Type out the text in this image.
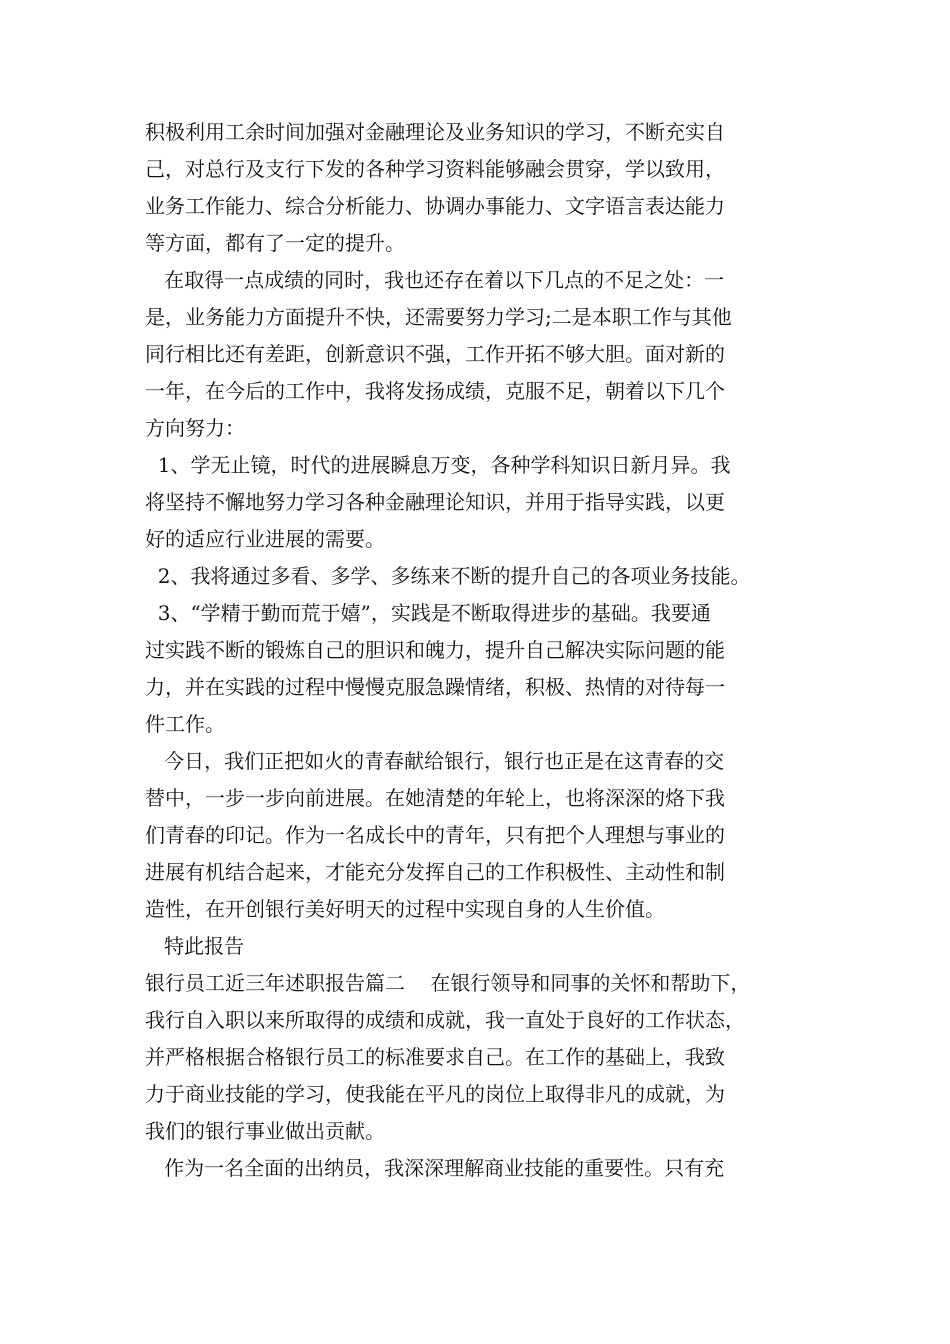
积极利用工余时间加强对金融理论及业务知识的学习，不断充实自
己，对总行及支行下发的各种学习资料能够融会贯穿，学以致用，
业务工作能力、综合分析能力、协调办事能力、文字语言表达能力
等方面，都有了一定的提升。
在取得一点成绩的同时，我也还存在着以下几点的不足之处：一
是，业务能力方面提升不快，还需要努力学习;二是本职工作与其他
同行相比还有差距，创新意识不强，工作开拓不够大胆。面对新的
一年，在今后的工作中，我将发扬成绩，克服不足，朝着以下几个
方向努力：
1、学无止镜，时代的进展瞬息万变，各种学科知识日新月异。我
将坚持不懈地努力学习各种金融理论知识，并用于指导实践，以更
好的适应行业进展的需要。
2、我将通过多看、多学、多练来不断的提升自己的各项业务技能。
3、“学精于勤而荒于嬉”，实践是不断取得进步的基础。我要通
过实践不断的锻炼自己的胆识和魄力，提升自己解决实际问题的能
力，并在实践的过程中慢慢克服急躁情绪，积极、热情的对待每一
件工作。
今日，我们正把如火的青春献给银行，银行也正是在这青春的交
替中，一步一步向前进展。在她清楚的年轮上，也将深深的烙下我
们青春的印记。作为一名成长中的青年，只有把个人理想与事业的
进展有机结合起来，才能充分发挥自己的工作积极性、主动性和制
造性，在开创银行美好明天的过程中实现自身的人生价值。
特此报告
银行员工近三年述职报告篇二    在银行领导和同事的关怀和帮助下，
我行自入职以来所取得的成绩和成就，我一直处于良好的工作状态，
并严格根据合格银行员工的标准要求自己。在工作的基础上，我致
力于商业技能的学习，使我能在平凡的岗位上取得非凡的成就，为
我们的银行事业做出贡献。
作为一名全面的出纳员，我深深理解商业技能的重要性。只有充
